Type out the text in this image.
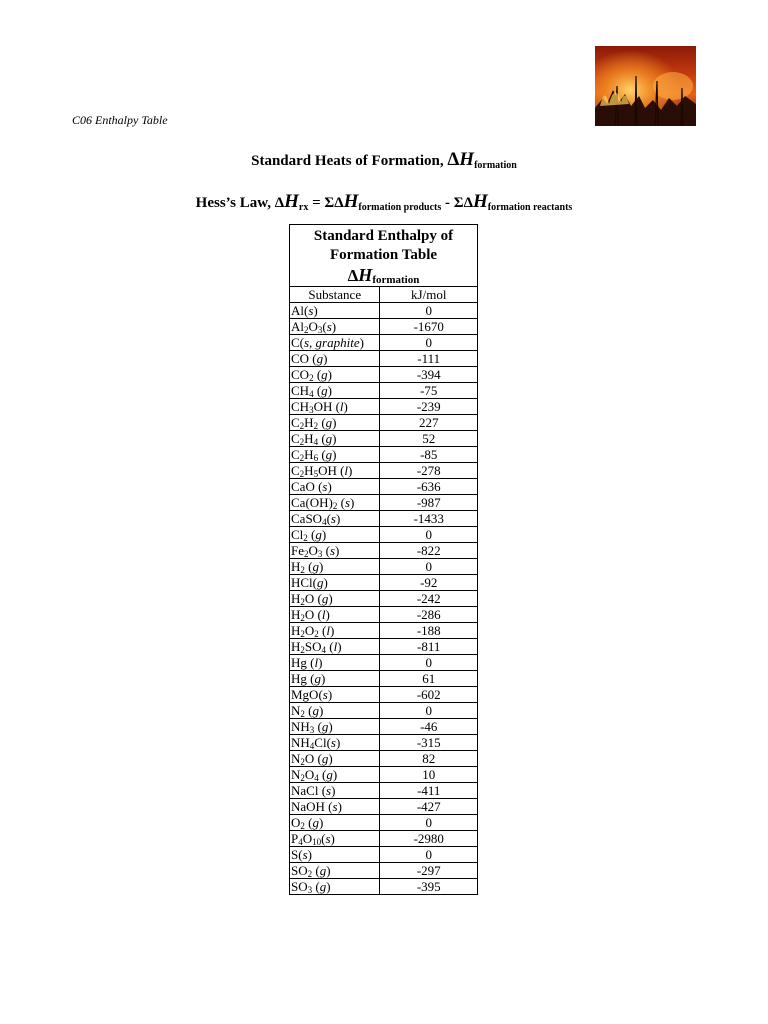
C06 Enthalpy Table
Standard Heats of Formation, $\Delta H_{formation}$
Hess’s Law, $\Delta H_{rx} = \Sigma\Delta H_{formation products} - \Sigma\Delta H_{formation reactants}$
Standard Enthalpy of
Formation Table
$\Delta H_{formation}$

Substance	kJ/mol
Al(s)	0
$Al_2O_3(s)$	-1670
C(s, graphite)	0
CO (g)	-111
$CO_2$ (g)	-394
$CH_4$ (g)	-75
$CH_3OH$ (l)	-239
$C_2H_2$ (g)	227
$C_2H_4$ (g)	52
$C_2H_6$ (g)	-85
$C_2H_5OH$ (l)	-278
CaO (s)	-636
$Ca(OH)_2$ (s)	-987
CaSO$_4$(s)	-1433
$Cl_2$ (g)	0
$Fe_2O_3$ (s)	-822
$H_2$ (g)	0
HCl(g)	-92
$H_2O$ (g)	-242
$H_2O$ (l)	-286
$H_2O_2$ (l)	-188
$H_2SO_4$ (l)	-811
Hg (l)	0
Hg (g)	61
MgO(s)	-602
$N_2$ (g)	0
$NH_3$ (g)	-46
$NH_4Cl(s)$	-315
$N_2O$ (g)	82
$N_2O_4$ (g)	10
NaCl (s)	-411
NaOH (s)	-427
$O_2$ (g)	0
$P_4O_{10}(s)$	-2980
S(s)	0
$SO_2$ (g)	-297
$SO_3$ (g)	-395
